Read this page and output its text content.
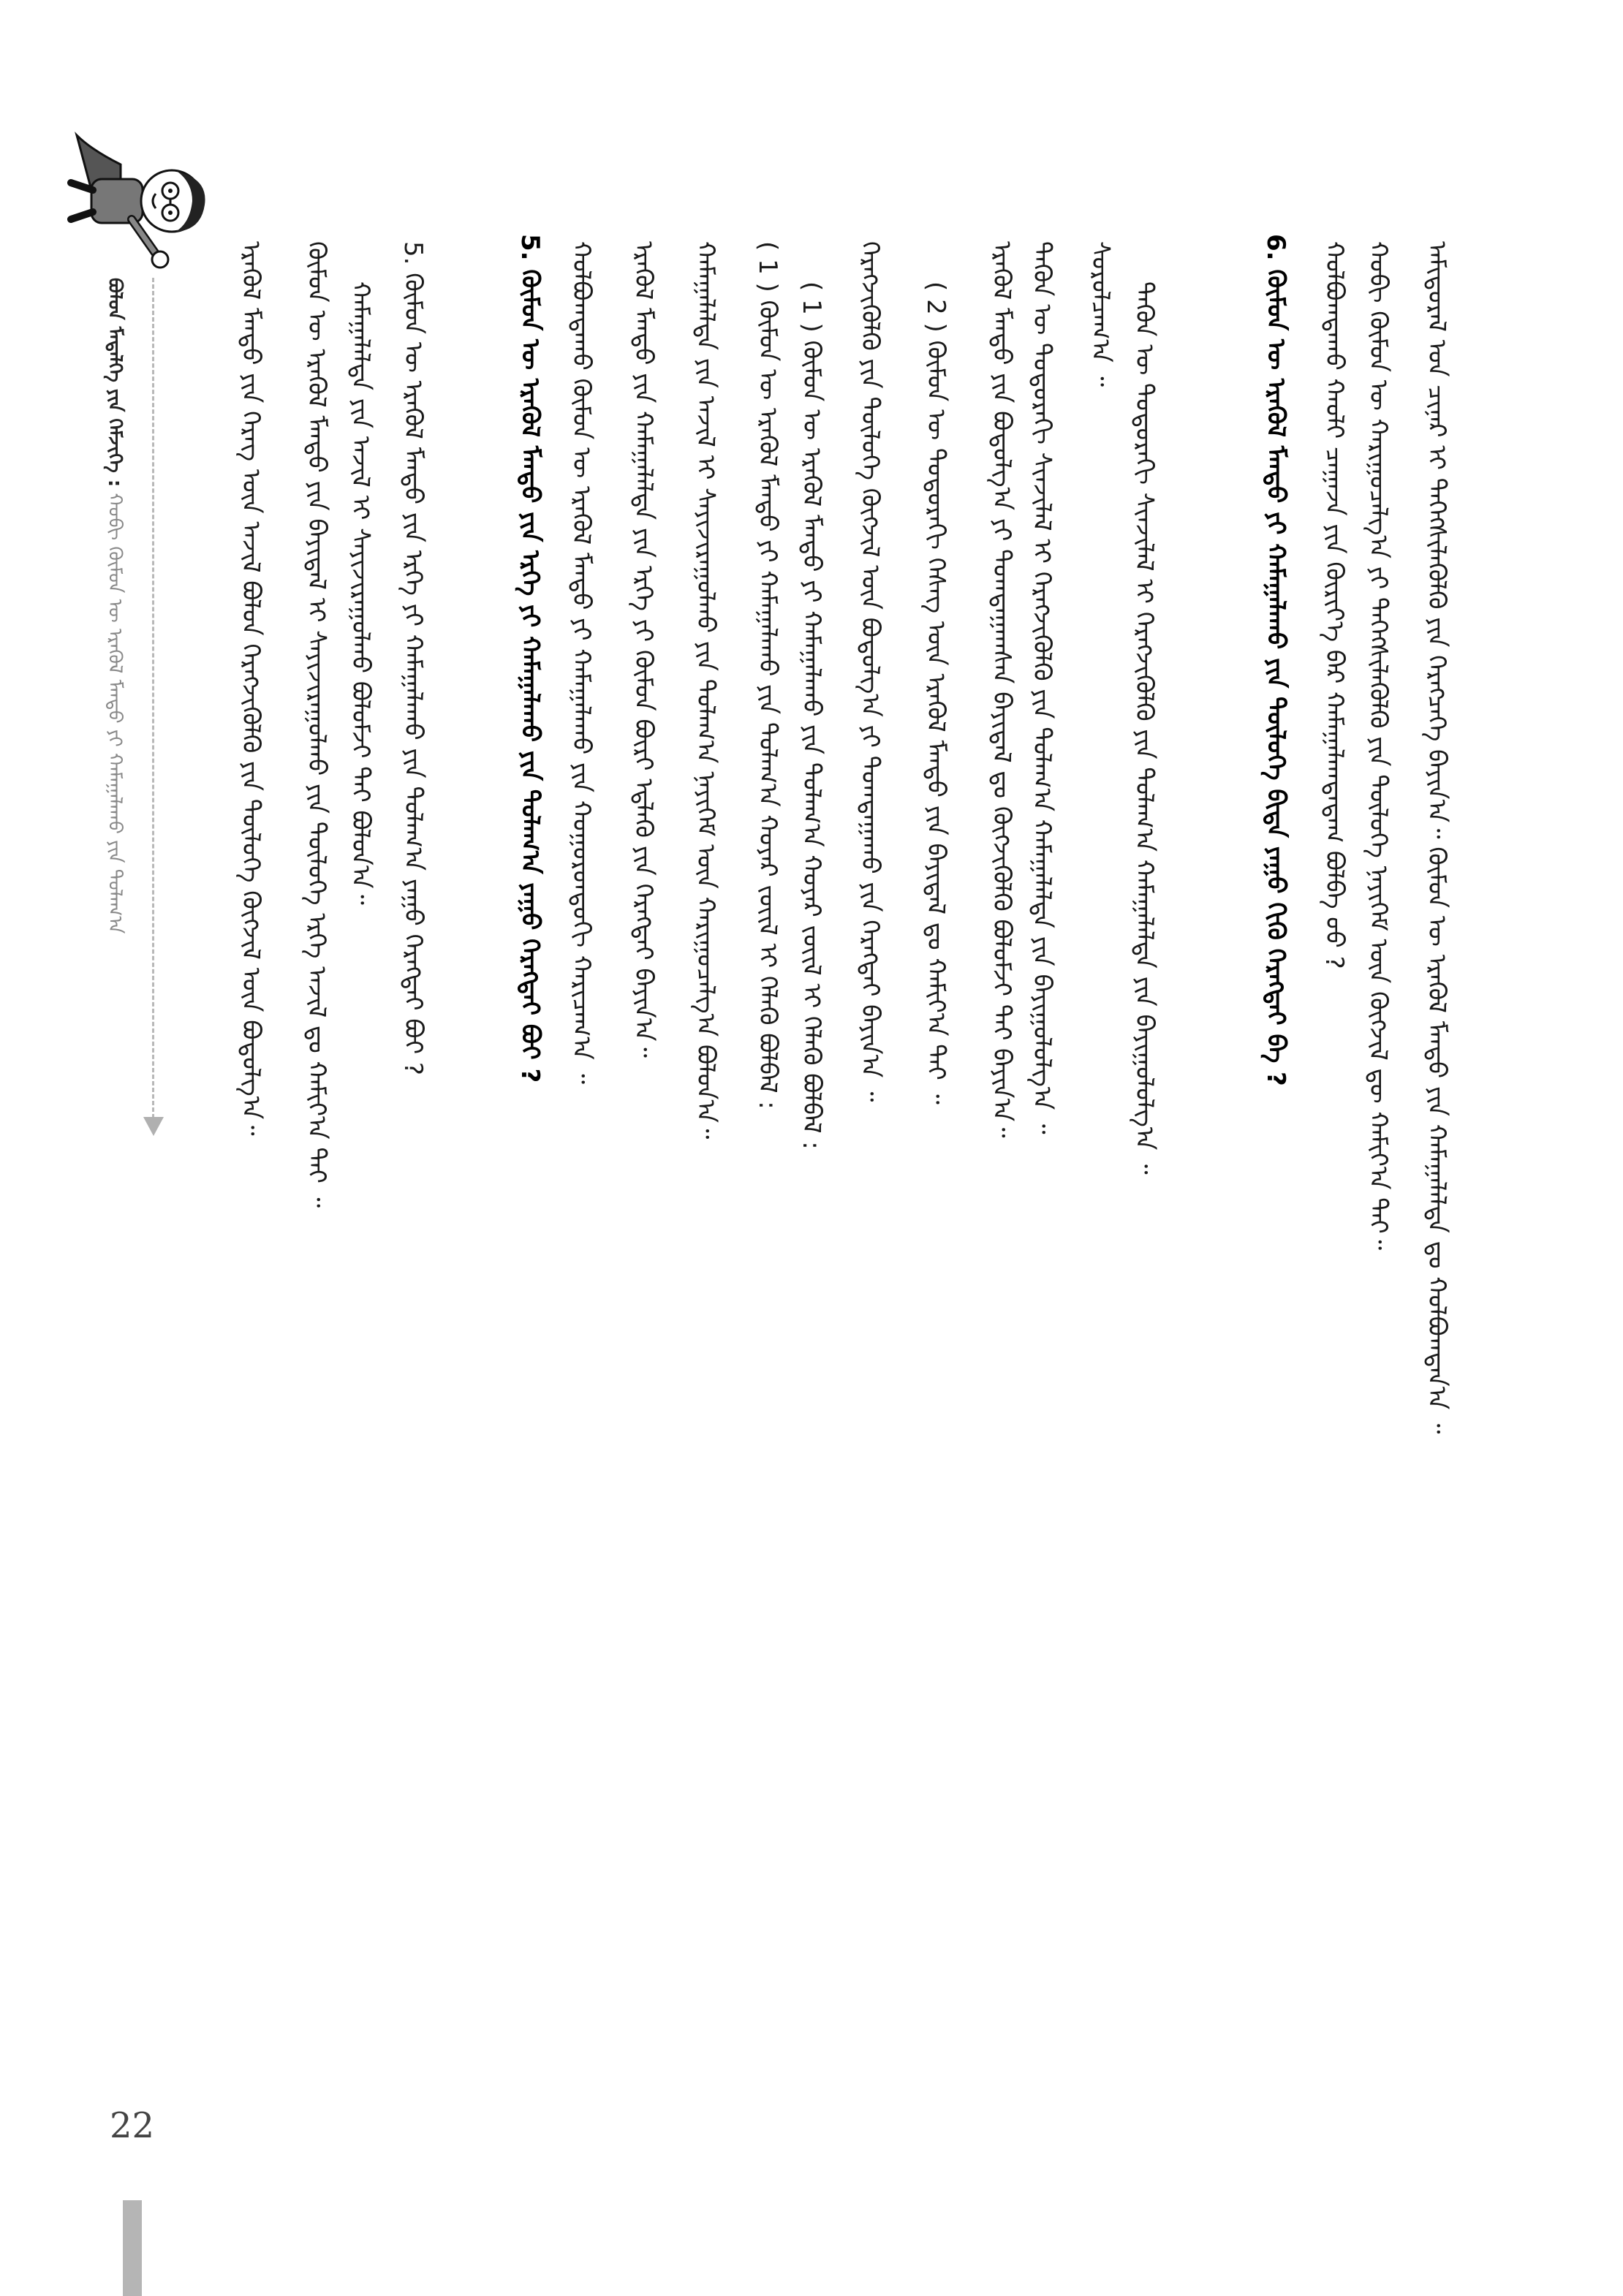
ᠪᠣᠯᠣᠨ ᠮᠡᠳᠡᠯᠭᠡ ᠶᠢᠨ ᠬᠡᠮᠵᠢᠭᠡ : ᠬᠤᠪᠢ ᠬᠦᠮᠦᠨ ᠦ ᠡᠷᠡᠭᠦᠯ ᠮᠡᠨᠳᠦ ᠶᠢ ᠬᠠᠮᠠᠭᠠᠯᠠᠬᠤ ᠶᠢᠨ ᠲᠤᠯᠠᠭ᠎ᠠ	ᠡᠷᠡᠭᠦᠯ ᠮᠡᠨᠳᠦ ᠶᠢᠨ ᠬᠡᠷᠡᠭ ᠦᠨ ᠠᠵᠢᠯ ᠪᠣᠯᠤᠨ ᠬᠡᠷᠡᠭᠵᠢᠭᠦᠯᠬᠦ ᠶᠢᠨ ᠲᠥᠯᠥᠭᠡ ᠬᠥᠭᠵᠢᠯ ᠦᠨ ᠪᠣᠳᠣᠯᠭ᠎ᠠ᠃ ᠬᠦᠮᠦᠨ ᠦ ᠡᠷᠡᠭᠦᠯ ᠮᠡᠨᠳᠦ ᠶᠢᠨ ᠪᠠᠶᠢᠳᠠᠯ ᠢ ᠰᠠᠶᠢᠵᠢᠷᠠᠭᠤᠯᠬᠤ ᠶᠢᠨ ᠲᠥᠯᠥᠭᠡ ᠡᠷᠬᠡ ᠠᠵᠢᠯ ᠳᠤ ᠬᠠᠮᠢᠶ᠎ᠠ ᠲᠠᠢ ᠃ ᠬᠠᠮᠠᠭᠠᠯᠠᠯᠲᠠ ᠶᠢᠨ ᠠᠵᠢᠯ ᠢ ᠰᠠᠶᠢᠵᠢᠷᠠᠭᠤᠯᠬᠤ ᠪᠣᠯᠣᠮᠵᠢ ᠲᠠᠢ ᠪᠣᠯᠤᠨ᠎ᠠ᠃ 5. ᠬᠦᠮᠦᠨ ᠦ ᠡᠷᠡᠭᠦᠯ ᠮᠡᠨᠳᠦ ᠶᠢᠨ ᠡᠷᠬᠡ ᠶᠢ ᠬᠠᠮᠠᠭᠠᠯᠠᠬᠤ ᠶᠢᠨ ᠲᠤᠯᠠᠭ᠎ᠠ ᠶᠠᠭᠤ ᠬᠡᠷᠡᠭᠲᠡᠢ ᠪᠤᠢ ?	5. ᠬᠦᠮᠦᠨ ᠦ ᠡᠷᠡᠭᠦᠯ ᠮᠡᠨᠳᠦ ᠶᠢᠨ ᠡᠷᠬᠡ ᠶᠢ ᠬᠠᠮᠠᠭᠠᠯᠠᠬᠤ ᠶᠢᠨ ᠲᠤᠯᠠᠭ᠎ᠠ ᠶᠠᠭᠤ ᠬᠡᠷᠡᠭᠲᠡᠢ ᠪᠤᠢ ? ᠬᠣᠯᠪᠣᠭᠳᠠᠬᠤ ᠬᠦᠮᠦᠨ ᠦ ᠡᠷᠡᠭᠦᠯ ᠮᠡᠨᠳᠦ ᠶᠢ ᠬᠠᠮᠠᠭᠠᠯᠠᠬᠤ ᠶᠢᠨ ᠬᠣᠭᠣᠷᠤᠨᠳᠤᠬᠢ ᠬᠠᠷᠢᠴᠠᠭ᠎ᠠ ᠃ ᠡᠷᠡᠭᠦᠯ ᠮᠡᠨᠳᠦ ᠶᠢᠨ ᠬᠠᠮᠠᠭᠠᠯᠠᠯᠲᠠ ᠶᠢᠨ ᠡᠷᠬᠡ ᠶᠢ ᠬᠦᠮᠦᠨ ᠪᠦᠷᠢ ᠡᠳ᠋ᠯᠡᠬᠦ ᠶᠢᠨ ᠬᠡᠷᠡᠭᠲᠡᠢ ᠪᠠᠶᠢᠨ᠎ᠠ᠃ ᠬᠠᠮᠠᠭᠠᠯᠠᠯᠲᠠ ᠶᠢᠨ ᠠᠵᠢᠯ ᠢ ᠰᠠᠶᠢᠵᠢᠷᠠᠭᠤᠯᠬᠤ ᠶᠢᠨ ᠲᠤᠯᠠᠭ᠎ᠠ ᠨᠡᠶᠢᠭᠡᠮ ᠦᠨ ᠬᠠᠷᠢᠭᠤᠴᠠᠯᠭ᠎ᠠ ᠪᠣᠯᠤᠨ᠎ᠠ᠃ ( 1 ) ᠬᠦᠮᠦᠨ ᠦ ᠡᠷᠡᠭᠦᠯ ᠮᠡᠨᠳᠦ ᠶᠢ ᠬᠠᠮᠠᠭᠠᠯᠠᠬᠤ ᠶᠢᠨ ᠲᠤᠯᠠᠭ᠎ᠠ ᠬᠣᠶᠠᠷ ᠵᠦᠢᠯ ᠢ ᠬᠡᠯᠡᠬᠦ ᠪᠣᠯᠪᠠᠯ : ( 1 ) ᠬᠦᠮᠦᠨ ᠦ ᠡᠷᠡᠭᠦᠯ ᠮᠡᠨᠳᠦ ᠶᠢ ᠬᠠᠮᠠᠭᠠᠯᠠᠬᠤ ᠶᠢᠨ ᠲᠤᠯᠠᠭ᠎ᠠ ᠬᠣᠶᠠᠷ ᠵᠦᠢᠯ ᠢ ᠬᠡᠯᠡᠬᠦ ᠪᠣᠯᠪᠠᠯ : ᠬᠡᠷᠡᠭᠵᠢᠭᠦᠯᠬᠦ ᠶᠢᠨ ᠲᠥᠯᠥᠭᠡ ᠬᠥᠭᠵᠢᠯ ᠦᠨ ᠪᠣᠳᠣᠯᠭ᠎ᠠ ᠶᠢ ᠲᠣᠭᠲᠠᠭᠠᠬᠤ ᠶᠢᠨ ᠬᠡᠷᠡᠭᠲᠡᠢ ᠪᠠᠶᠢᠨ᠎ᠠ ᠃ ( 2 ) ᠬᠦᠮᠦᠨ ᠦ ᠳᠣᠲᠣᠷᠠᠬᠢ ᠬᠡᠰᠡᠭ ᠦᠨ ᠡᠷᠡᠭᠦᠯ ᠮᠡᠨᠳᠦ ᠶᠢᠨ ᠪᠠᠶᠢᠳᠠᠯ ᠳᠤ ᠬᠠᠮᠢᠶ᠎ᠠ ᠲᠠᠢ ᠃ ᠡᠷᠡᠭᠦᠯ ᠮᠡᠨᠳᠦ ᠶᠢᠨ ᠪᠣᠳᠣᠯᠭ᠎ᠠ ᠶᠢ ᠲᠣᠭᠲᠠᠭᠠᠭᠰᠠᠨ ᠪᠠᠶᠢᠳᠠᠯ ᠳᠤ ᠬᠥᠭᠵᠢᠭᠦᠯᠬᠦ ᠪᠣᠯᠣᠮᠵᠢ ᠲᠠᠢ ᠪᠠᠶᠢᠨ᠎ᠠ᠃ ᠲᠡᠭᠦᠨ ᠦ ᠳᠣᠲᠣᠷᠠᠬᠢ ᠰᠢᠨᠵᠢᠯᠡᠯ ᠢ ᠬᠡᠷᠡᠭᠵᠢᠭᠦᠯᠬᠦ ᠶᠢᠨ ᠲᠤᠯᠠᠭ᠎ᠠ ᠬᠠᠮᠠᠭᠠᠯᠠᠯᠲᠠ ᠶᠢᠨ ᠪᠠᠶᠢᠭᠤᠯᠤᠯᠭ᠎ᠠ ᠃ ᠰᠤᠷᠤᠯᠴᠠᠭ᠎ᠠ ᠃ ᠲᠡᠭᠦᠨ ᠦ ᠳᠣᠲᠣᠷᠠᠬᠢ ᠰᠢᠨᠵᠢᠯᠡᠯ ᠢ ᠬᠡᠷᠡᠭᠵᠢᠭᠦᠯᠬᠦ ᠶᠢᠨ ᠲᠤᠯᠠᠭ᠎ᠠ ᠬᠠᠮᠠᠭᠠᠯᠠᠯᠲᠠ ᠶᠢᠨ ᠪᠠᠶᠢᠭᠤᠯᠤᠯᠭ᠎ᠠ ᠃	6. ᠬᠦᠮᠦᠨ ᠦ ᠡᠷᠡᠭᠦᠯ ᠮᠡᠨᠳᠦ ᠶᠢ ᠬᠠᠮᠠᠭᠠᠯᠠᠬᠤ ᠶᠢᠨ ᠲᠥᠯᠥᠭᠡ ᠪᠢᠳᠡ ᠶᠠᠭᠤ ᠬᠢᠬᠦ ᠬᠡᠷᠡᠭᠲᠡᠢ ᠪᠡ ? ᠬᠣᠯᠪᠣᠭᠳᠠᠬᠤ ᠬᠠᠤᠯᠢ ᠴᠠᠭᠠᠵᠠ ᠶᠢᠨ ᠬᠦᠷᠢᠶ᠎ᠡ ᠪᠡᠷ ᠬᠠᠮᠠᠭᠠᠯᠠᠭᠳᠠᠳᠠᠭ ᠪᠣᠯᠪᠠ ᠤᠤ ? ᠬᠣᠪᠢ ᠬᠦᠮᠦᠨ ᠦ ᠬᠠᠷᠢᠭᠤᠴᠠᠯᠭ᠎ᠠ ᠶᠢ ᠳᠡᠭᠡᠭᠰᠢᠯᠡᠭᠦᠯᠬᠦ ᠶᠢᠨ ᠲᠥᠯᠥᠭᠡ ᠨᠡᠶᠢᠭᠡᠮ ᠦᠨ ᠬᠥᠭᠵᠢᠯ ᠳᠦ ᠬᠠᠮᠢᠶ᠎ᠠ ᠲᠠᠢ᠃ ᠠᠮᠢᠳᠤᠷᠠᠯ ᠤᠨ ᠴᠢᠨᠠᠷ ᠢ ᠳᠡᠭᠡᠭᠰᠢᠯᠡᠭᠦᠯᠬᠦ ᠶᠢᠨ ᠬᠡᠷᠡᠭᠴᠡᠭᠡ ᠪᠠᠶᠢᠨ᠎ᠠ᠃ ᠬᠦᠮᠦᠨ ᠦ ᠡᠷᠡᠭᠦᠯ ᠮᠡᠨᠳᠦ ᠶᠢᠨ ᠬᠠᠮᠠᠭᠠᠯᠠᠯᠲᠠ ᠳᠤ ᠬᠣᠯᠪᠣᠭᠳᠠᠨ᠎ᠠ ᠃
22
